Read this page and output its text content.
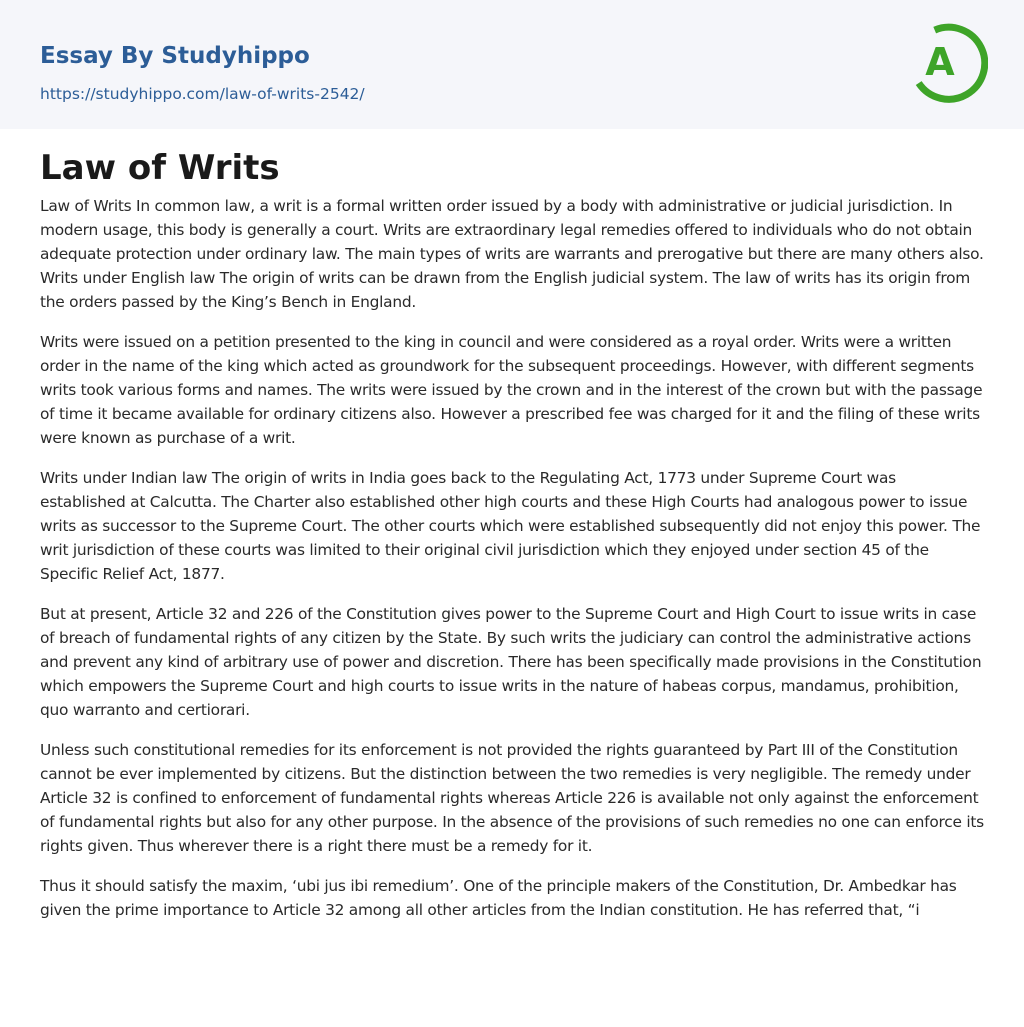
Essay By Studyhippo
https://studyhippo.com/law-of-writs-2542/
A
Law of Writs

Law of Writs In common law, a writ is a formal written order issued by a body with administrative or judicial jurisdiction. In modern usage, this body is generally a court. Writs are extraordinary legal remedies offered to individuals who do not obtain adequate protection under ordinary law. The main types of writs are warrants and prerogative but there are many others also. Writs under English law The origin of writs can be drawn from the English judicial system. The law of writs has its origin from the orders passed by the King’s Bench in England.

Writs were issued on a petition presented to the king in council and were considered as a royal order. Writs were a written order in the name of the king which acted as groundwork for the subsequent proceedings. However, with different segments writs took various forms and names. The writs were issued by the crown and in the interest of the crown but with the passage of time it became available for ordinary citizens also. However a prescribed fee was charged for it and the filing of these writs were known as purchase of a writ.

Writs under Indian law The origin of writs in India goes back to the Regulating Act, 1773 under Supreme Court was established at Calcutta. The Charter also established other high courts and these High Courts had analogous power to issue writs as successor to the Supreme Court. The other courts which were established subsequently did not enjoy this power. The writ jurisdiction of these courts was limited to their original civil jurisdiction which they enjoyed under section 45 of the Specific Relief Act, 1877.

But at present, Article 32 and 226 of the Constitution gives power to the Supreme Court and High Court to issue writs in case of breach of fundamental rights of any citizen by the State. By such writs the judiciary can control the administrative actions and prevent any kind of arbitrary use of power and discretion. There has been specifically made provisions in the Constitution which empowers the Supreme Court and high courts to issue writs in the nature of habeas corpus, mandamus, prohibition, quo warranto and certiorari.

Unless such constitutional remedies for its enforcement is not provided the rights guaranteed by Part III of the Constitution cannot be ever implemented by citizens. But the distinction between the two remedies is very negligible. The remedy under Article 32 is confined to enforcement of fundamental rights whereas Article 226 is available not only against the enforcement of fundamental rights but also for any other purpose. In the absence of the provisions of such remedies no one can enforce its rights given. Thus wherever there is a right there must be a remedy for it.

Thus it should satisfy the maxim, ‘ubi jus ibi remedium’. One of the principle makers of the Constitution, Dr. Ambedkar has given the prime importance to Article 32 among all other articles from the Indian constitution. He has referred that, “i
